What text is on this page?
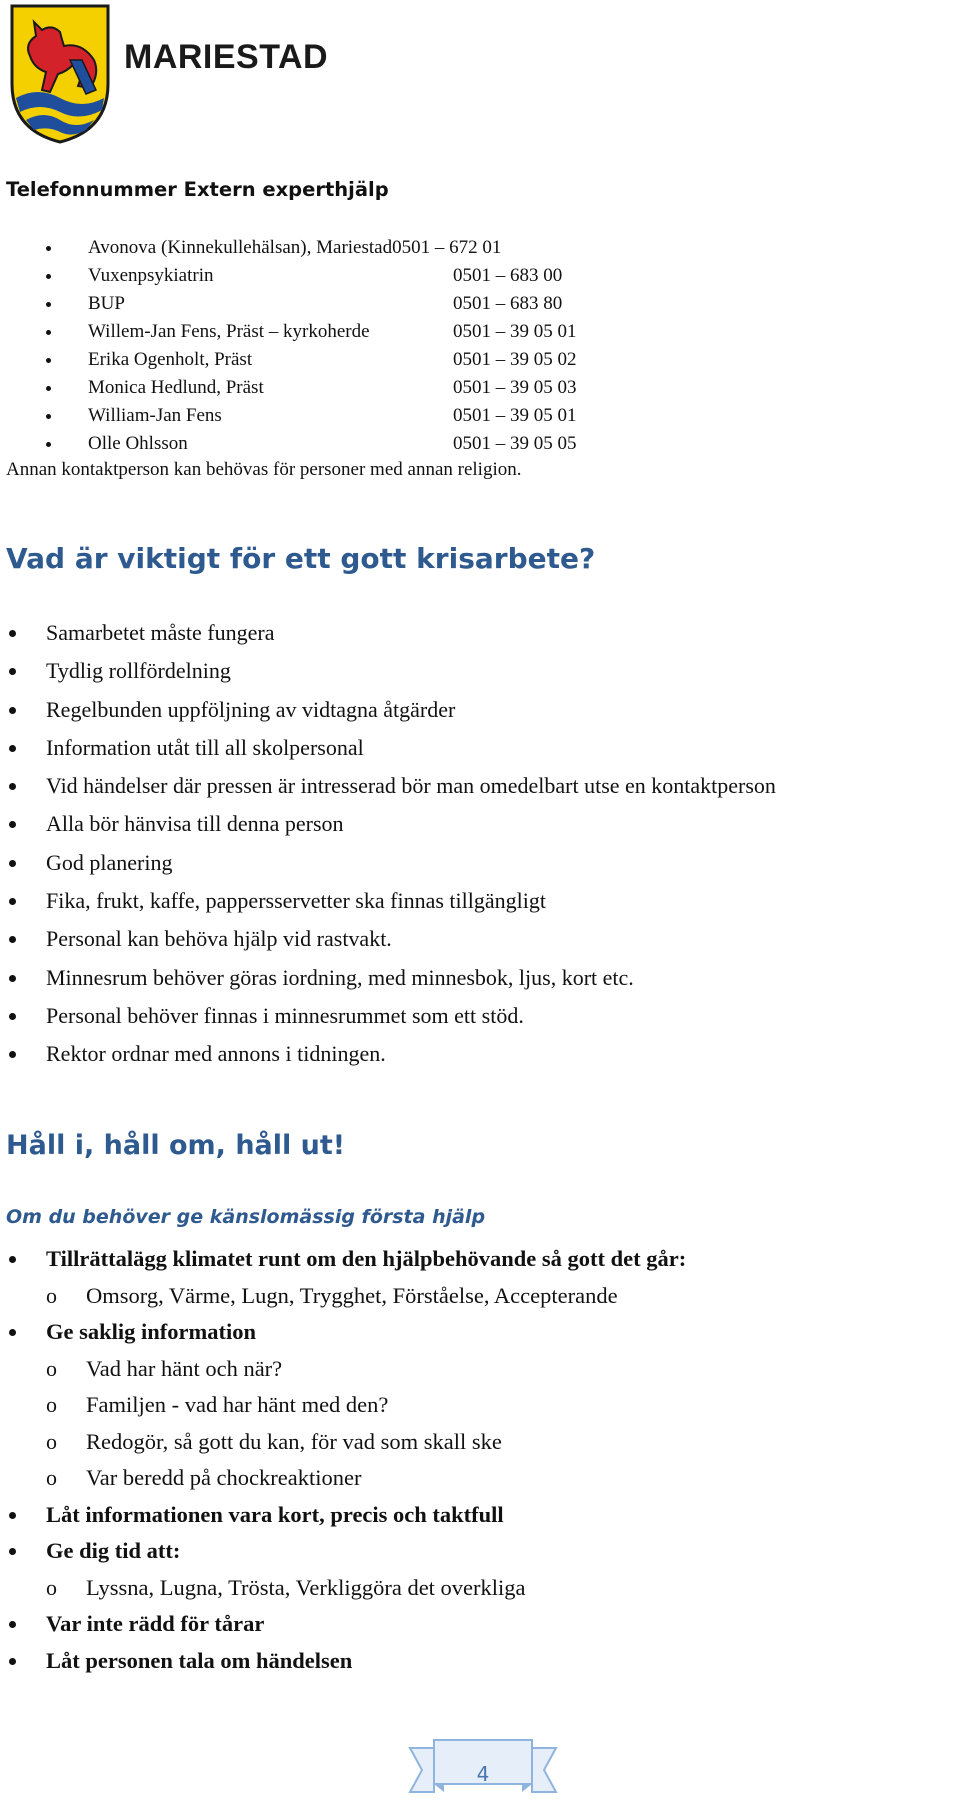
MARIESTAD
Telefonnummer Extern experthjälp
Avonova (Kinnekullehälsan), Mariestad 0501 – 672 01
Vuxenpsykiatrin	0501 – 683 00
BUP	0501 – 683 80
Willem-Jan Fens, Präst – kyrkoherde	0501 – 39 05 01
Erika Ogenholt, Präst	0501 – 39 05 02
Monica Hedlund, Präst	0501 – 39 05 03
William-Jan Fens	0501 – 39 05 01
Olle Ohlsson	0501 – 39 05 05

Annan kontaktperson kan behövas för personer med annan religion.

Vad är viktigt för ett gott krisarbete?
Samarbetet måste fungera
Tydlig rollfördelning
Regelbunden uppföljning av vidtagna åtgärder
Information utåt till all skolpersonal
Vid händelser där pressen är intresserad bör man omedelbart utse en kontaktperson
Alla bör hänvisa till denna person
God planering
Fika, frukt, kaffe, pappersservetter ska finnas tillgängligt
Personal kan behöva hjälp vid rastvakt.
Minnesrum behöver göras iordning, med minnesbok, ljus, kort etc.
Personal behöver finnas i minnesrummet som ett stöd.
Rektor ordnar med annons i tidningen.
Håll i, håll om, håll ut!
Om du behöver ge känslomässig första hjälp
Tillrättalägg klimatet runt om den hjälpbehövande så gott det går:
o Omsorg, Värme, Lugn, Trygghet, Förståelse, Accepterande
Ge saklig information
o Vad har hänt och när?
o Familjen - vad har hänt med den?
o Redogör, så gott du kan, för vad som skall ske
o Var beredd på chockreaktioner
Låt informationen vara kort, precis och taktfull
Ge dig tid att:
o Lyssna, Lugna, Trösta, Verkliggöra det overkliga
Var inte rädd för tårar
Låt personen tala om händelsen
4
